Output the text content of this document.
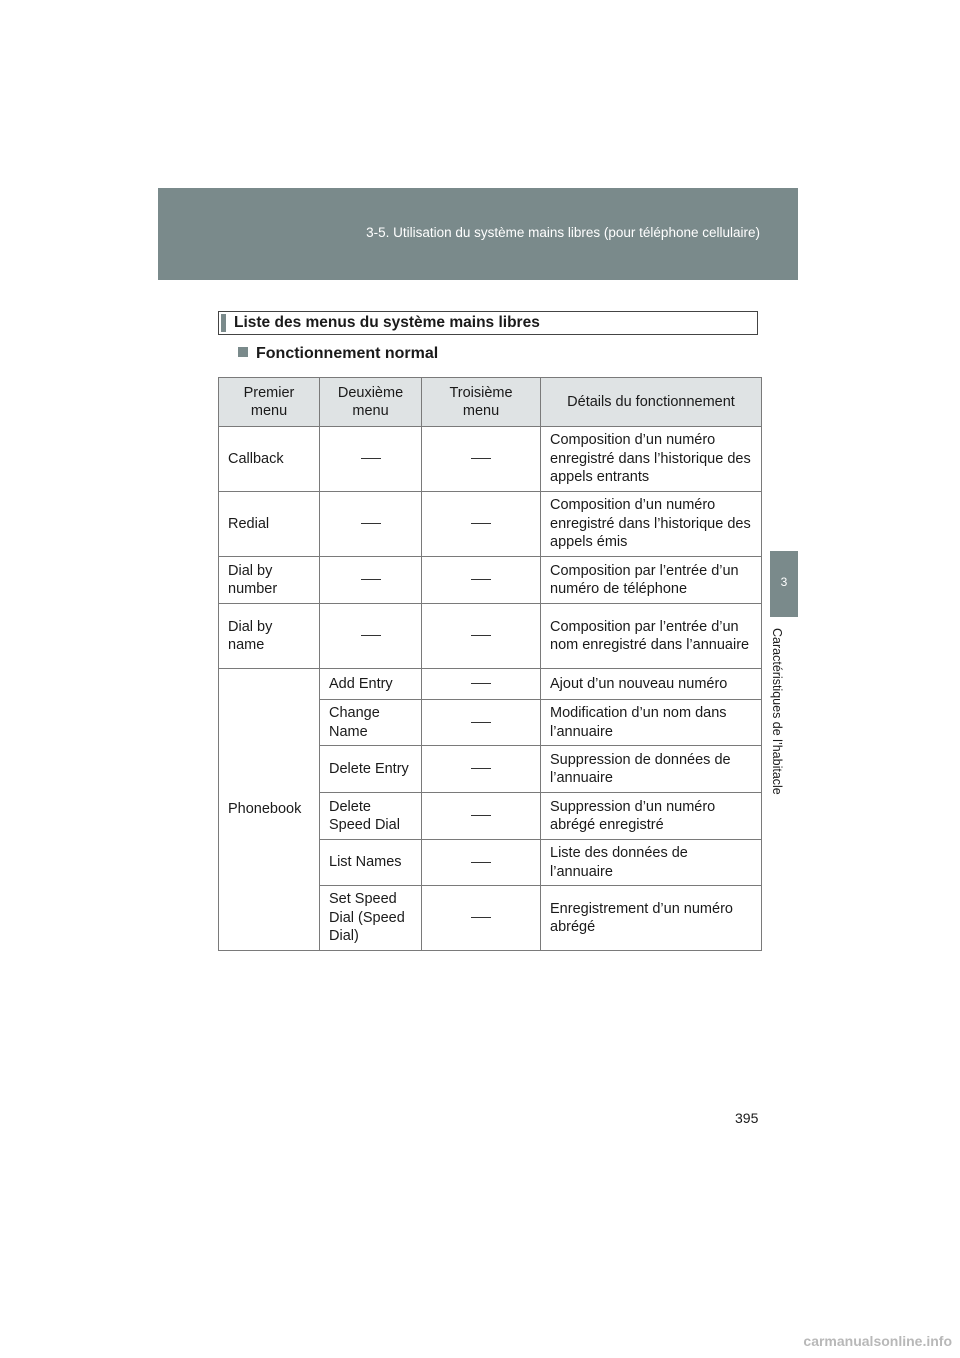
3-5. Utilisation du système mains libres (pour téléphone cellulaire)
3
Caractéristiques de l’habitacle
Liste des menus du système mains libres
Fonctionnement normal
Premier menu	Deuxième menu	Troisième menu	Détails du fonctionnement
Callback			Composition d’un numéro enregistré dans l’historique des appels entrants
Redial			Composition d’un numéro enregistré dans l’historique des appels émis
Dial by number			Composition par l’entrée d’un numéro de téléphone
Dial by name			Composition par l’entrée d’un nom enregistré dans l’annuaire
Phonebook	Add Entry		Ajout d’un nouveau numéro
	Change Name		Modification d’un nom dans l’annuaire
	Delete Entry		Suppression de données de l’annuaire
	Delete Speed Dial		Suppression d’un numéro abrégé enregistré
	List Names		Liste des données de l’annuaire
	Set Speed Dial (Speed Dial)		Enregistrement d’un numéro abrégé
395
carmanualsonline.info
